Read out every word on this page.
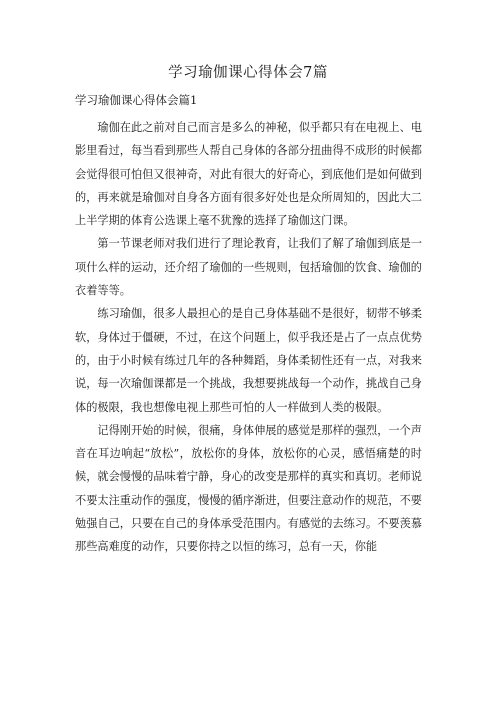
学习瑜伽课心得体会7篇
学习瑜伽课心得体会篇1

瑜伽在此之前对自己而言是多么的神秘，似乎都只有在电视上、电影里看过，每当看到那些人帮自己身体的各部分扭曲得不成形的时候都会觉得很可怕但又很神奇，对此有很大的好奇心，到底他们是如何做到的，再来就是瑜伽对自身各方面有很多好处也是众所周知的，因此大二上半学期的体育公选课上毫不犹豫的选择了瑜伽这门课。

第一节课老师对我们进行了理论教育，让我们了解了瑜伽到底是一项什么样的运动，还介绍了瑜伽的一些规则，包括瑜伽的饮食、瑜伽的衣着等等。

练习瑜伽，很多人最担心的是自己身体基础不是很好，韧带不够柔软，身体过于僵硬，不过，在这个问题上，似乎我还是占了一点点优势的，由于小时候有练过几年的各种舞蹈，身体柔韧性还有一点，对我来说，每一次瑜伽课都是一个挑战，我想要挑战每一个动作，挑战自己身体的极限，我也想像电视上那些可怕的人一样做到人类的极限。

记得刚开始的时候，很痛，身体伸展的感觉是那样的强烈，一个声音在耳边响起“放松”，放松你的身体，放松你的心灵，感悟痛楚的时候，就会慢慢的品味着宁静，身心的改变是那样的真实和真切。老师说不要太注重动作的强度，慢慢的循序渐进，但要注意动作的规范，不要勉强自己，只要在自己的身体承受范围内。有感觉的去练习。不要羡慕那些高难度的动作，只要你持之以恒的练习，总有一天，你能
